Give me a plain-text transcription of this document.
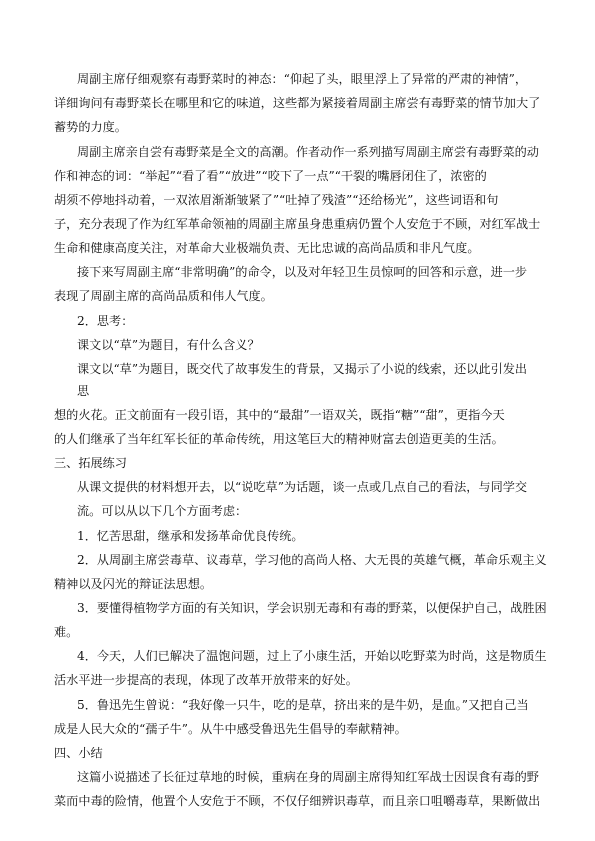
周副主席仔细观察有毒野菜时的神态：“仰起了头，眼里浮上了异常的严肃的神情”，
详细询问有毒野菜长在哪里和它的味道，这些都为紧接着周副主席尝有毒野菜的情节加大了
蓄势的力度。
周副主席亲自尝有毒野菜是全文的高潮。作者动作一系列描写周副主席尝有毒野菜的动
作和神态的词：“举起”“看了看”“放进”“咬下了一点”“干裂的嘴唇闭住了，浓密的
胡须不停地抖动着，一双浓眉渐渐皱紧了”“吐掉了残渣”“还给杨光”，这些词语和句
子，充分表现了作为红军革命领袖的周副主席虽身患重病仍置个人安危于不顾，对红军战士
生命和健康高度关注，对革命大业极端负责、无比忠诚的高尚品质和非凡气度。
接下来写周副主席“非常明确”的命令，以及对年轻卫生员惊呵的回答和示意，进一步
表现了周副主席的高尚品质和伟人气度。
2．思考：
课文以“草”为题目，有什么含义？
课文以“草”为题目，既交代了故事发生的背景，又揭示了小说的线索，还以此引发出
思
想的火花。正文前面有一段引语，其中的“最甜”一语双关，既指“糖”“甜”，更指今天
的人们继承了当年红军长征的革命传统，用这笔巨大的精神财富去创造更美的生活。
三、拓展练习
从课文提供的材料想开去，以“说吃草”为话题，谈一点或几点自己的看法，与同学交
流。可以从以下几个方面考虑：
1．忆苦思甜，继承和发扬革命优良传统。
2．从周副主席尝毒草、议毒草，学习他的高尚人格、大无畏的英雄气概，革命乐观主义
精神以及闪光的辩证法思想。
3．要懂得植物学方面的有关知识，学会识别无毒和有毒的野菜，以便保护自己，战胜困
难。
4．今天，人们已解决了温饱问题，过上了小康生活，开始以吃野菜为时尚，这是物质生
活水平进一步提高的表现，体现了改革开放带来的好处。
5．鲁迅先生曾说：“我好像一只牛，吃的是草，挤出来的是牛奶，是血。”又把自己当
成是人民大众的“孺子牛”。从牛中感受鲁迅先生倡导的奉献精神。
四、小结
这篇小说描述了长征过草地的时候，重病在身的周副主席得知红军战士因误食有毒的野
菜而中毒的险情，他置个人安危于不顾，不仅仔细辨识毒草，而且亲口咀嚼毒草，果断做出
